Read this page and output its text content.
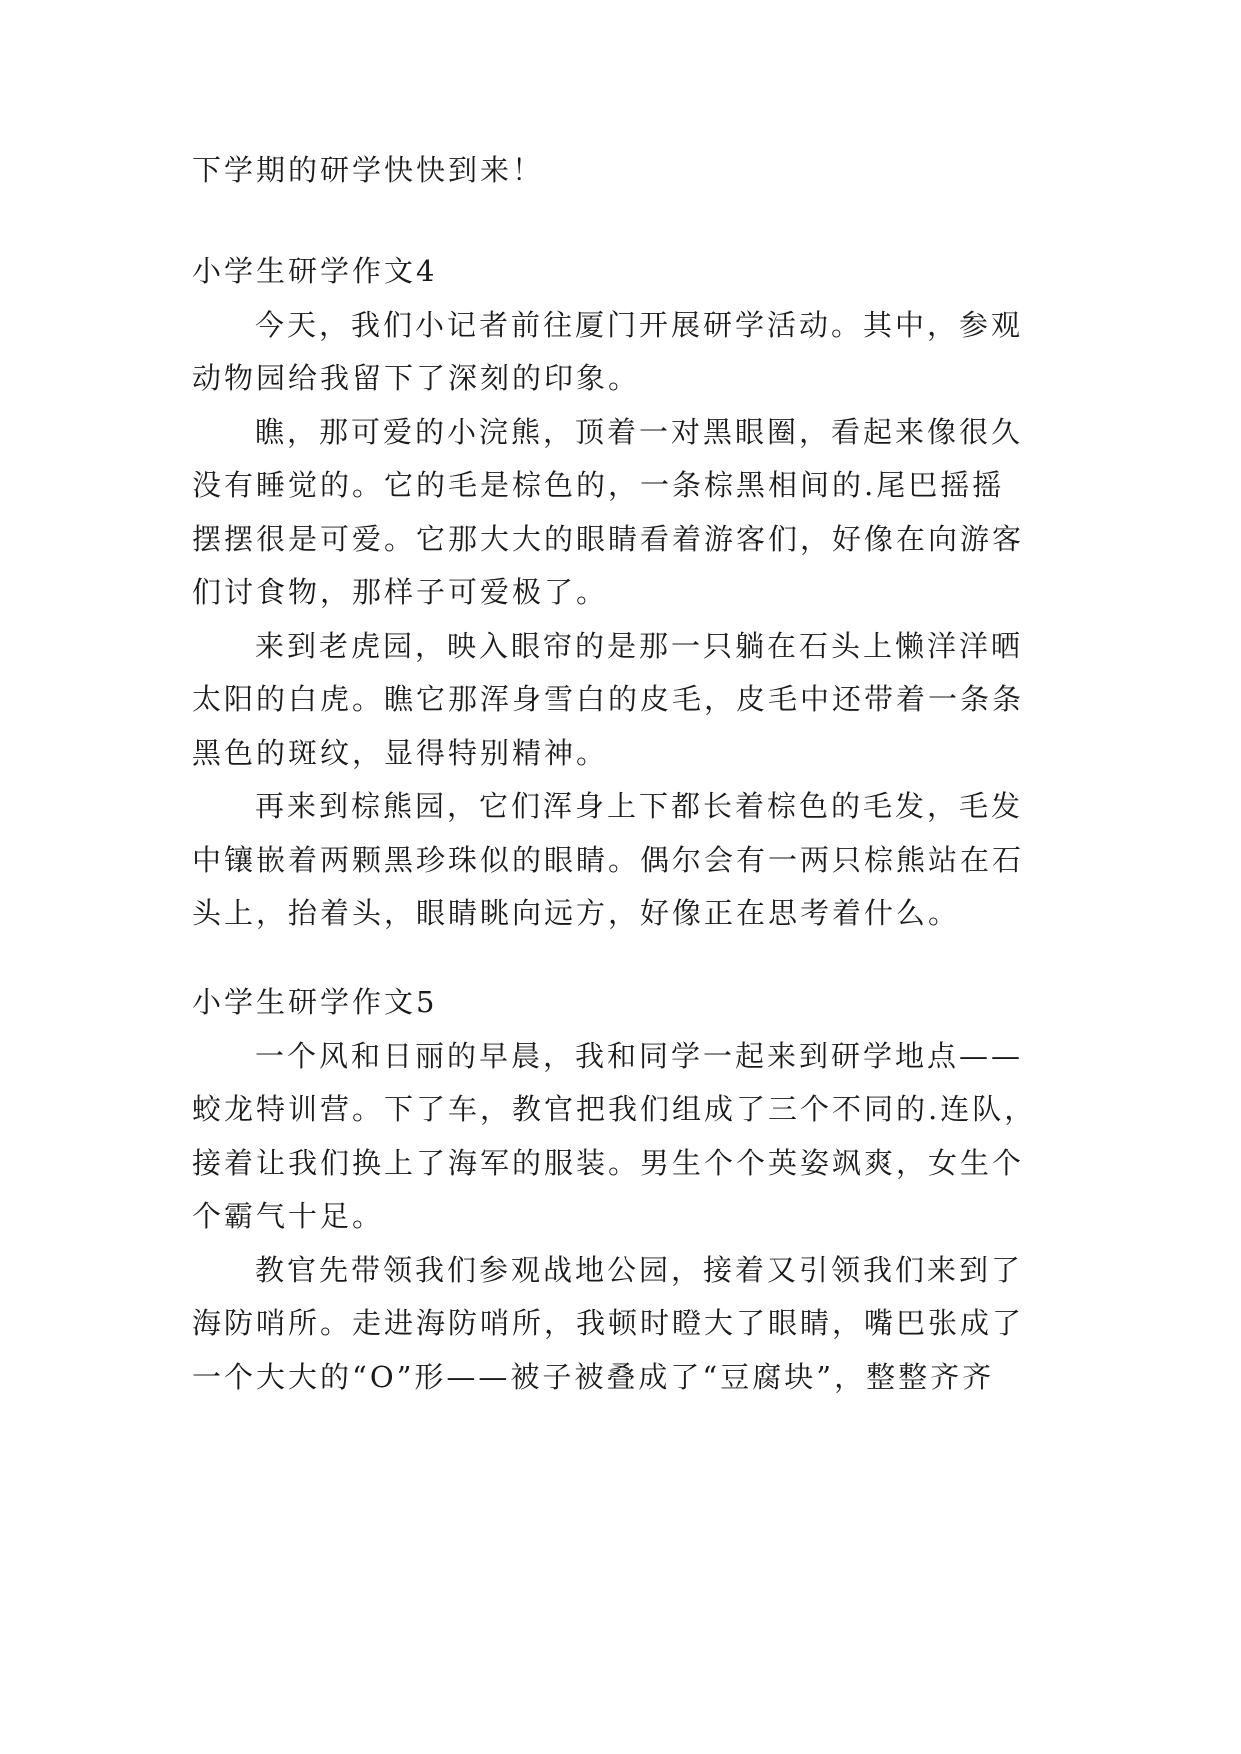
下学期的研学快快到来！
小学生研学作文4
今天，我们小记者前往厦门开展研学活动。其中，参观
动物园给我留下了深刻的印象。
瞧，那可爱的小浣熊，顶着一对黑眼圈，看起来像很久
没有睡觉的。它的毛是棕色的，一条棕黑相间的.尾巴摇摇
摆摆很是可爱。它那大大的眼睛看着游客们，好像在向游客
们讨食物，那样子可爱极了。
来到老虎园，映入眼帘的是那一只躺在石头上懒洋洋晒
太阳的白虎。瞧它那浑身雪白的皮毛，皮毛中还带着一条条
黑色的斑纹，显得特别精神。
再来到棕熊园，它们浑身上下都长着棕色的毛发，毛发
中镶嵌着两颗黑珍珠似的眼睛。偶尔会有一两只棕熊站在石
头上，抬着头，眼睛眺向远方，好像正在思考着什么。
小学生研学作文5
一个风和日丽的早晨，我和同学一起来到研学地点——
蛟龙特训营。下了车，教官把我们组成了三个不同的.连队，
接着让我们换上了海军的服装。男生个个英姿飒爽，女生个
个霸气十足。
教官先带领我们参观战地公园，接着又引领我们来到了
海防哨所。走进海防哨所，我顿时瞪大了眼睛，嘴巴张成了
一个大大的“O”形——被子被叠成了“豆腐块”，整整齐齐
